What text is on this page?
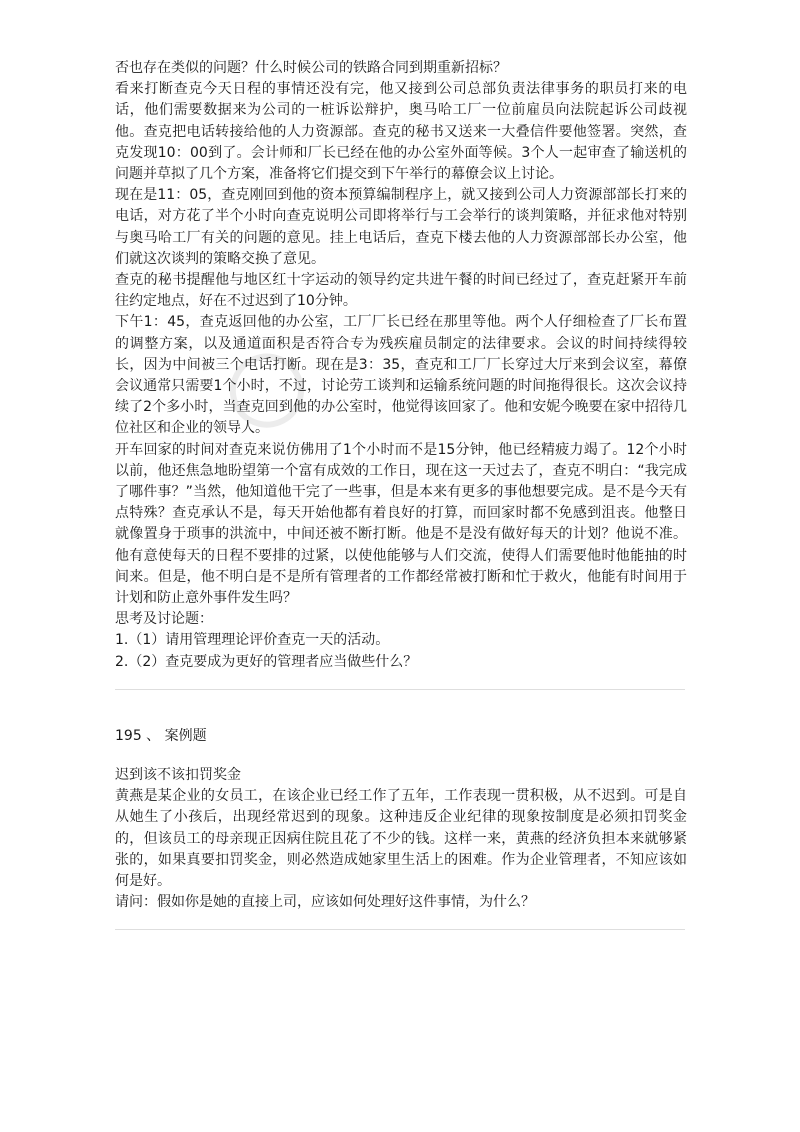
否也存在类似的问题？什么时候公司的铁路合同到期重新招标？

看来打断查克今天日程的事情还没有完，他又接到公司总部负责法律事务的职员打来的电话，他们需要数据来为公司的一桩诉讼辩护，奥马哈工厂一位前雇员向法院起诉公司歧视他。查克把电话转接给他的人力资源部。查克的秘书又送来一大叠信件要他签署。突然，查克发现10：00到了。会计师和厂长已经在他的办公室外面等候。3个人一起审查了输送机的问题并草拟了几个方案，准备将它们提交到下午举行的幕僚会议上讨论。

现在是11：05，查克刚回到他的资本预算编制程序上，就又接到公司人力资源部部长打来的电话，对方花了半个小时向查克说明公司即将举行与工会举行的谈判策略，并征求他对特别与奥马哈工厂有关的问题的意见。挂上电话后，查克下楼去他的人力资源部部长办公室，他们就这次谈判的策略交换了意见。

查克的秘书提醒他与地区红十字运动的领导约定共进午餐的时间已经过了，查克赶紧开车前往约定地点，好在不过迟到了10分钟。

下午1：45，查克返回他的办公室，工厂厂长已经在那里等他。两个人仔细检查了厂长布置的调整方案，以及通道面积是否符合专为残疾雇员制定的法律要求。会议的时间持续得较长，因为中间被三个电话打断。现在是3：35，查克和工厂厂长穿过大厅来到会议室，幕僚会议通常只需要1个小时，不过，讨论劳工谈判和运输系统问题的时间拖得很长。这次会议持续了2个多小时，当查克回到他的办公室时，他觉得该回家了。他和安妮今晚要在家中招待几位社区和企业的领导人。

开车回家的时间对查克来说仿佛用了1个小时而不是15分钟，他已经精疲力竭了。12个小时以前，他还焦急地盼望第一个富有成效的工作日，现在这一天过去了，查克不明白：“我完成了哪件事？”当然，他知道他干完了一些事，但是本来有更多的事他想要完成。是不是今天有点特殊？查克承认不是，每天开始他都有着良好的打算，而回家时都不免感到沮丧。他整日就像置身于琐事的洪流中，中间还被不断打断。他是不是没有做好每天的计划？他说不准。他有意使每天的日程不要排的过紧，以使他能够与人们交流，使得人们需要他时他能抽的时间来。但是，他不明白是不是所有管理者的工作都经常被打断和忙于救火，他能有时间用于计划和防止意外事件发生吗？

思考及讨论题：

1.（1）请用管理理论评价查克一天的活动。

2.（2）查克要成为更好的管理者应当做些什么？

195 、 案例题

迟到该不该扣罚奖金

黄燕是某企业的女员工，在该企业已经工作了五年，工作表现一贯积极，从不迟到。可是自从她生了小孩后，出现经常迟到的现象。这种违反企业纪律的现象按制度是必须扣罚奖金的，但该员工的母亲现正因病住院且花了不少的钱。这样一来，黄燕的经济负担本来就够紧张的，如果真要扣罚奖金，则必然造成她家里生活上的困难。作为企业管理者，不知应该如何是好。

请问：假如你是她的直接上司，应该如何处理好这件事情，为什么？
